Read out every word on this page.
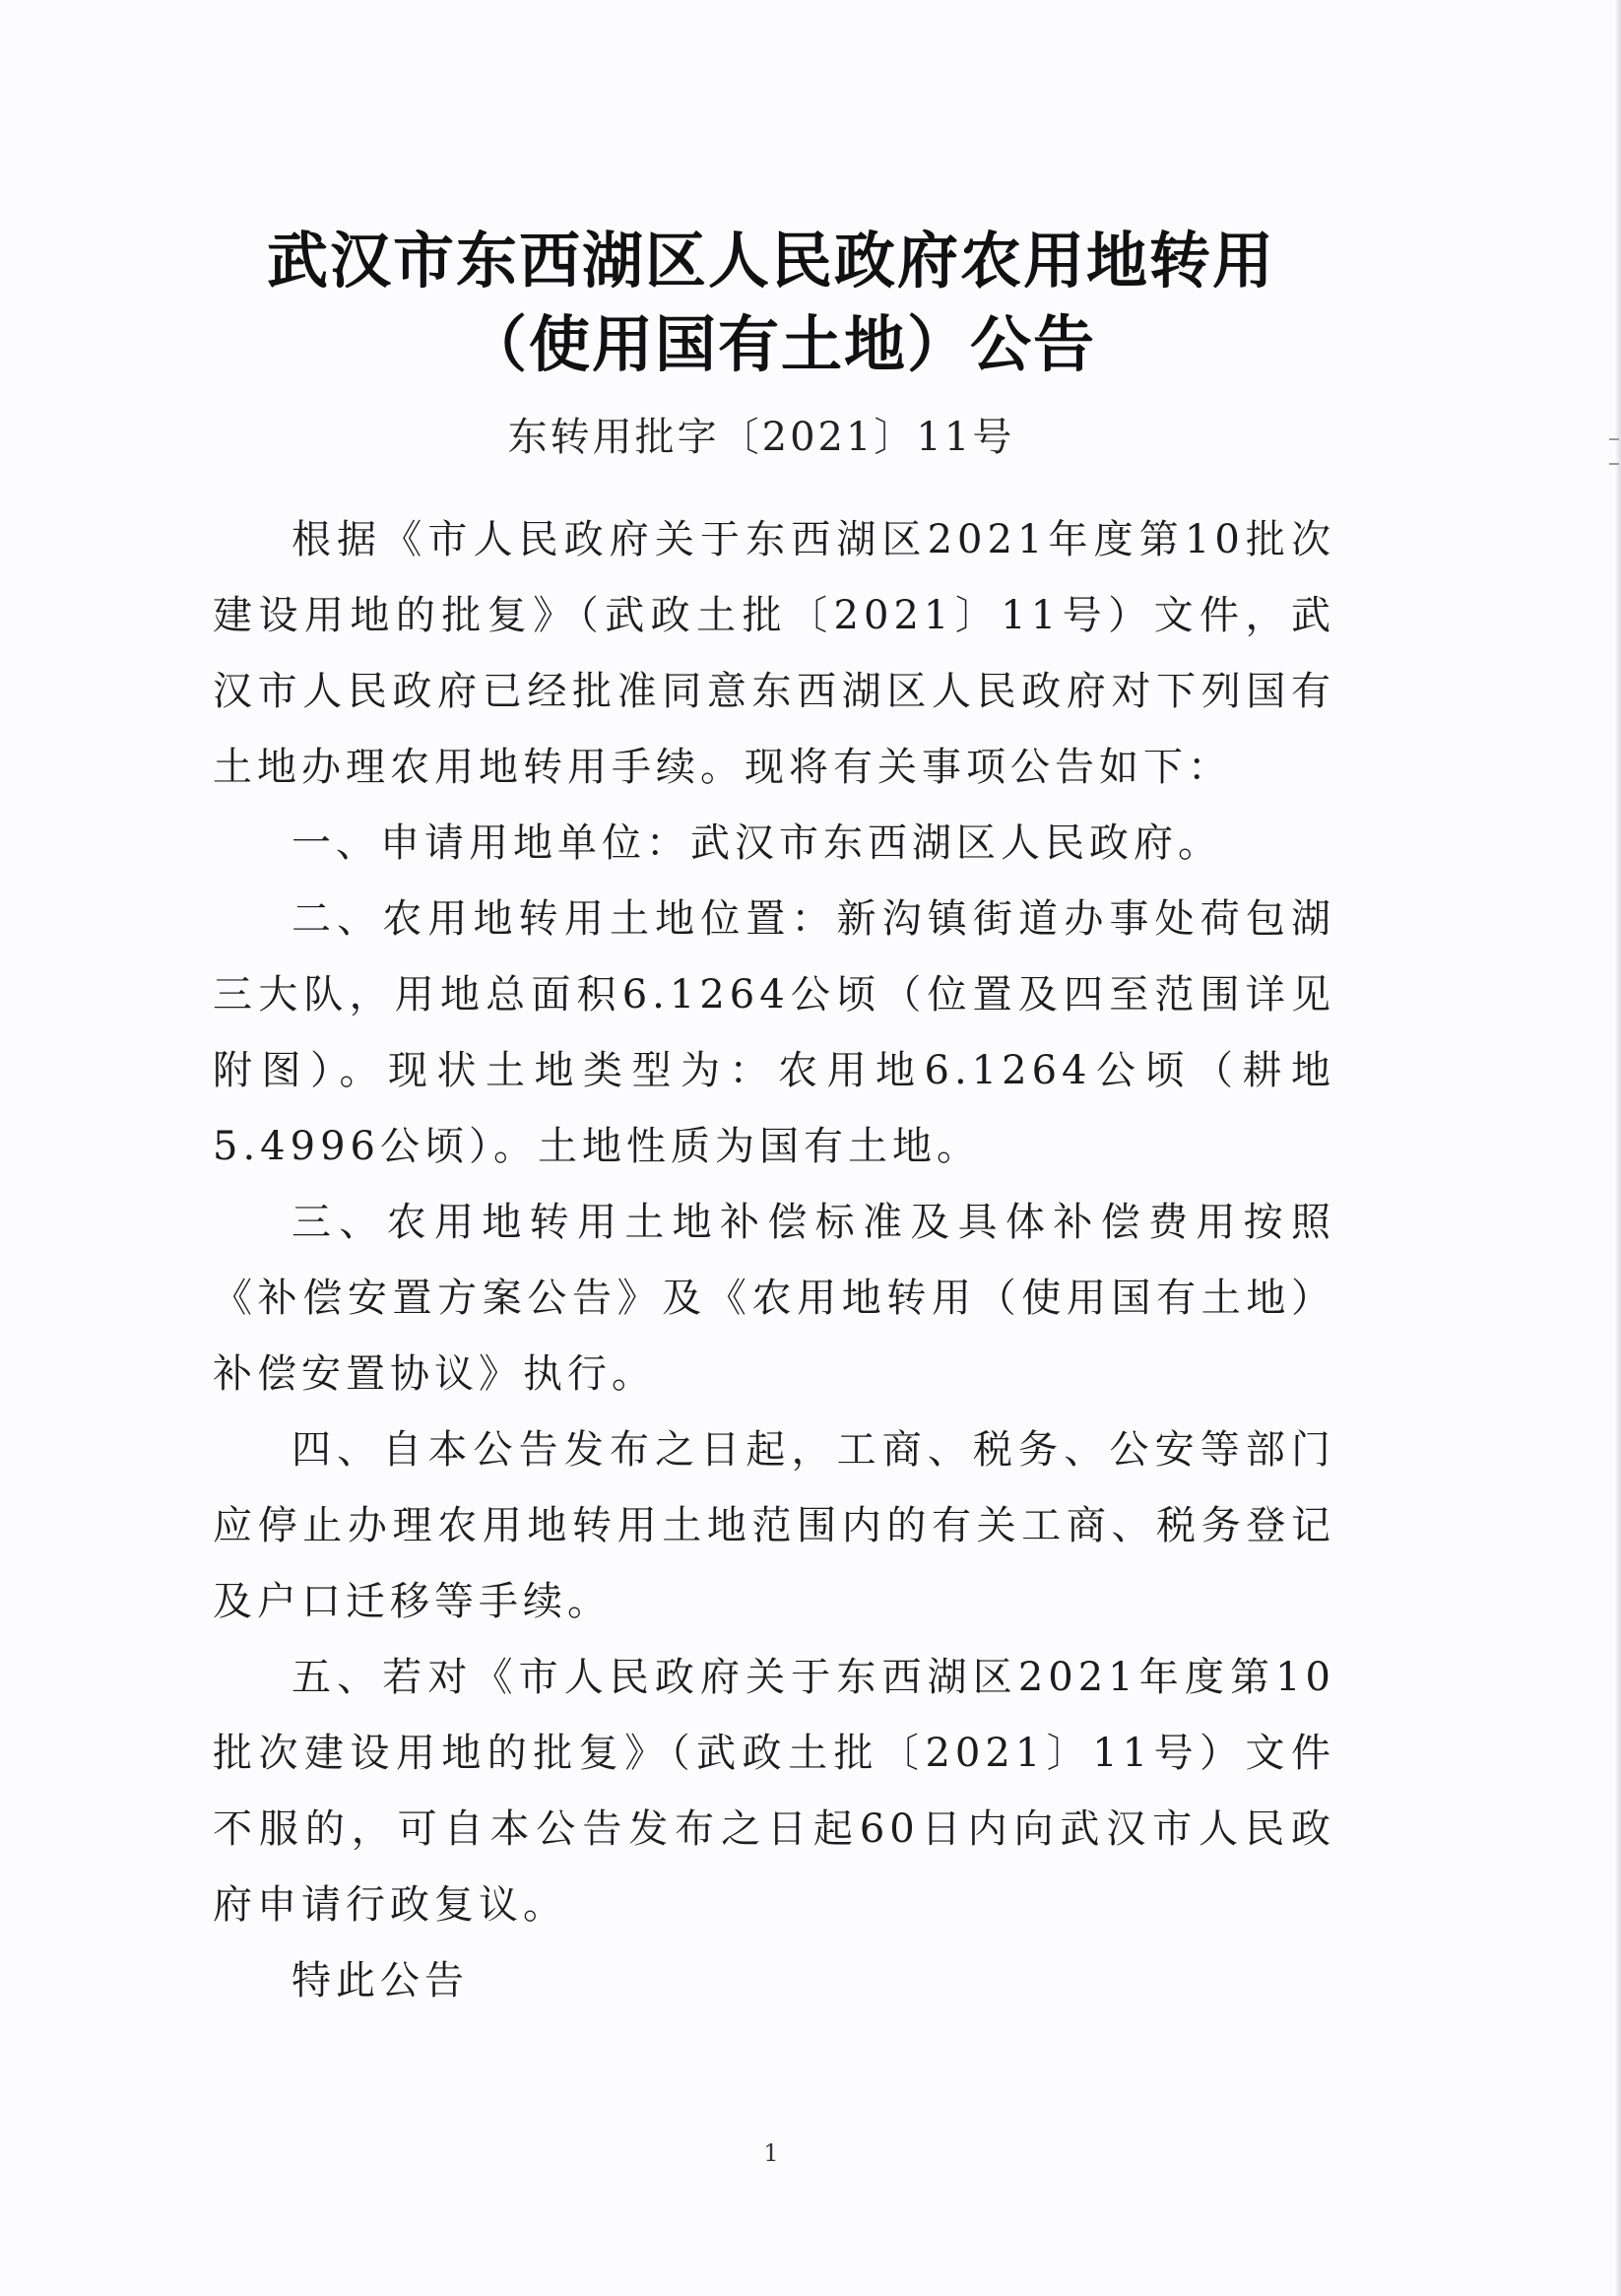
武汉市东西湖区人民政府农用地转用
（使用国有土地）公告
东转用批字〔2021〕11号

根据《市人民政府关于东西湖区2021年度第10批次建设用地的批复》（武政土批〔2021〕11号）文件，武汉市人民政府已经批准同意东西湖区人民政府对下列国有土地办理农用地转用手续。现将有关事项公告如下：

一、申请用地单位：武汉市东西湖区人民政府。

二、农用地转用土地位置：新沟镇街道办事处荷包湖三大队，用地总面积6.1264公顷（位置及四至范围详见附图）。现状土地类型为：农用地6.1264公顷（耕地5.4996公顷）。土地性质为国有土地。

三、农用地转用土地补偿标准及具体补偿费用按照《补偿安置方案公告》及《农用地转用（使用国有土地）补偿安置协议》执行。

四、自本公告发布之日起，工商、税务、公安等部门应停止办理农用地转用土地范围内的有关工商、税务登记及户口迁移等手续。

五、若对《市人民政府关于东西湖区2021年度第10批次建设用地的批复》（武政土批〔2021〕11号）文件不服的，可自本公告发布之日起60日内向武汉市人民政府申请行政复议。

特此公告

1
